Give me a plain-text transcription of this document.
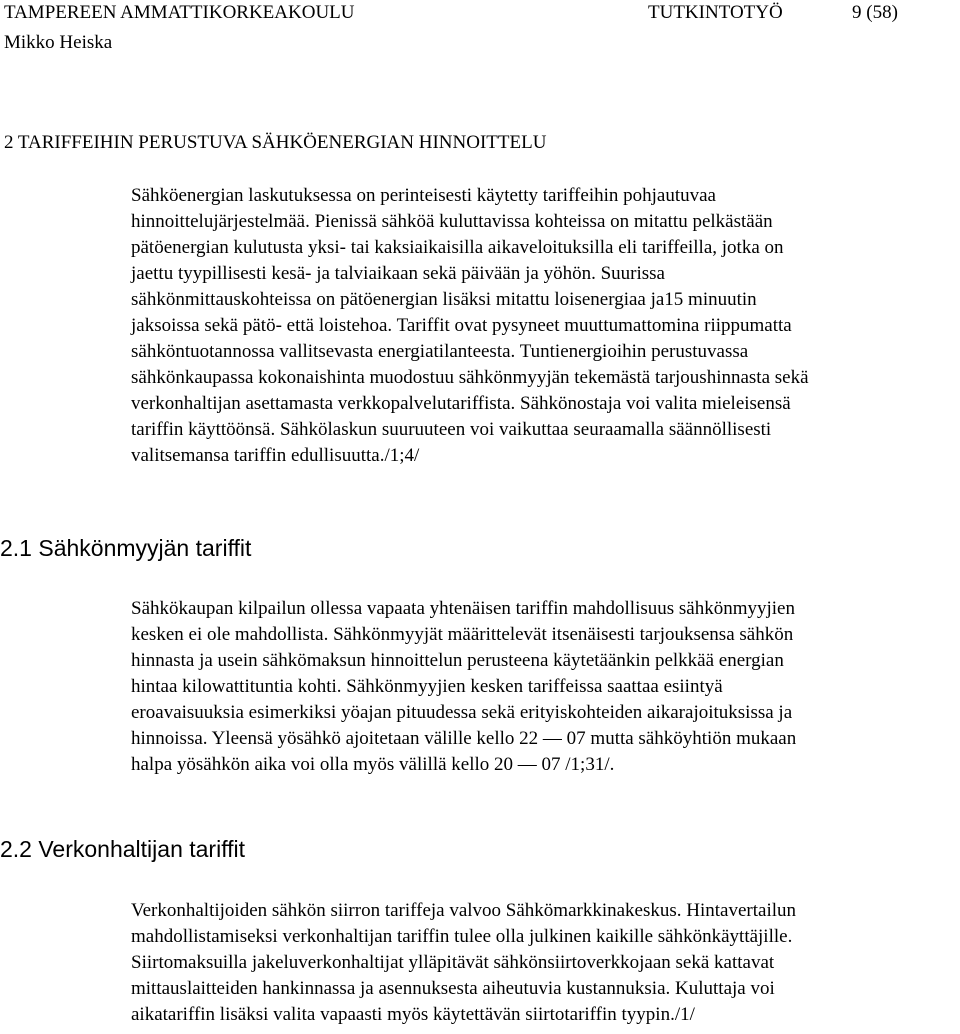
TAMPEREEN AMMATTIKORKEAKOULU	TUTKINTOTYÖ	9 (58)
Mikko Heiska
2 TARIFFEIHIN PERUSTUVA SÄHKÖENERGIAN HINNOITTELU
Sähköenergian laskutuksessa on perinteisesti käytetty tariffeihin pohjautuvaa
hinnoittelujärjestelmää. Pienissä sähköä kuluttavissa kohteissa on mitattu pelkästään
pätöenergian kulutusta yksi- tai kaksiaikaisilla aikaveloituksilla eli tariffeilla, jotka on
jaettu tyypillisesti kesä- ja talviaikaan sekä päivään ja yöhön. Suurissa
sähkönmittauskohteissa on pätöenergian lisäksi mitattu loisenergiaa ja15 minuutin
jaksoissa sekä pätö- että loistehoa. Tariffit ovat pysyneet muuttumattomina riippumatta
sähköntuotannossa vallitsevasta energiatilanteesta. Tuntienergioihin perustuvassa
sähkönkaupassa kokonaishinta muodostuu sähkönmyyjän tekemästä tarjoushinnasta sekä
verkonhaltijan asettamasta verkkopalvelutariffista. Sähkönostaja voi valita mieleisensä
tariffin käyttöönsä. Sähkölaskun suuruuteen voi vaikuttaa seuraamalla säännöllisesti
valitsemansa tariffin edullisuutta./1;4/
2.1 Sähkönmyyjän tariffit
Sähkökaupan kilpailun ollessa vapaata yhtenäisen tariffin mahdollisuus sähkönmyyjien
kesken ei ole mahdollista. Sähkönmyyjät määrittelevät itsenäisesti tarjouksensa sähkön
hinnasta ja usein sähkömaksun hinnoittelun perusteena käytetäänkin pelkkää energian
hintaa kilowattituntia kohti. Sähkönmyyjien kesken tariffeissa saattaa esiintyä
eroavaisuuksia esimerkiksi yöajan pituudessa sekä erityiskohteiden aikarajoituksissa ja
hinnoissa. Yleensä yösähkö ajoitetaan välille kello 22 — 07 mutta sähköyhtiön mukaan
halpa yösähkön aika voi olla myös välillä kello 20 — 07 /1;31/.
2.2 Verkonhaltijan tariffit
Verkonhaltijoiden sähkön siirron tariffeja valvoo Sähkömarkkinakeskus. Hintavertailun
mahdollistamiseksi verkonhaltijan tariffin tulee olla julkinen kaikille sähkönkäyttäjille.
Siirtomaksuilla jakeluverkonhaltijat ylläpitävät sähkönsiirtoverkkojaan sekä kattavat
mittauslaitteiden hankinnassa ja asennuksesta aiheutuvia kustannuksia. Kuluttaja voi
aikatariffin lisäksi valita vapaasti myös käytettävän siirtotariffin tyypin./1/
